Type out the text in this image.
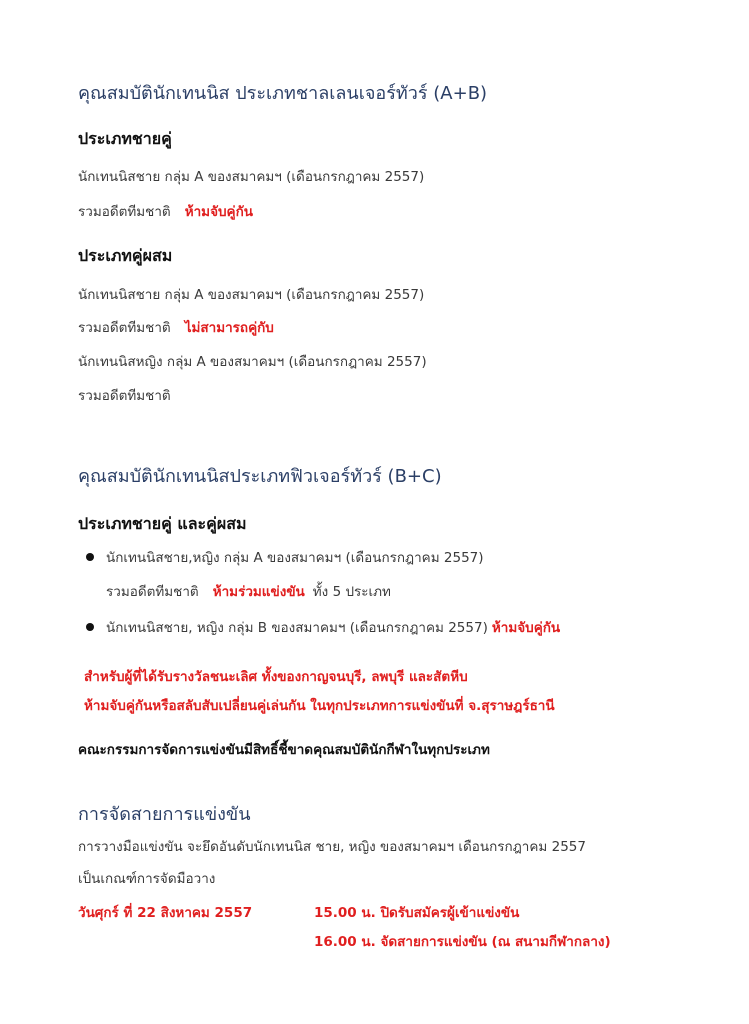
คุณสมบัตินักเทนนิส ประเภทชาลเลนเจอร์ทัวร์ (A+B)
ประเภทชายคู่
นักเทนนิสชาย กลุ่ม A ของสมาคมฯ (เดือนกรกฎาคม 2557)
รวมอดีตทีมชาติ ห้ามจับคู่กัน
ประเภทคู่ผสม
นักเทนนิสชาย กลุ่ม A ของสมาคมฯ (เดือนกรกฎาคม 2557)
รวมอดีตทีมชาติ ไม่สามารถคู่กับ
นักเทนนิสหญิง กลุ่ม A ของสมาคมฯ (เดือนกรกฎาคม 2557)
รวมอดีตทีมชาติ
คุณสมบัตินักเทนนิสประเภทฟิวเจอร์ทัวร์ (B+C)
ประเภทชายคู่ และคู่ผสม
นักเทนนิสชาย,หญิง กลุ่ม A ของสมาคมฯ (เดือนกรกฎาคม 2557)
รวมอดีตทีมชาติ ห้ามร่วมแข่งขัน ทั้ง 5 ประเภท
นักเทนนิสชาย, หญิง กลุ่ม B ของสมาคมฯ (เดือนกรกฎาคม 2557) ห้ามจับคู่กัน
สำหรับผู้ที่ได้รับรางวัลชนะเลิศ ทั้งของกาญจนบุรี, ลพบุรี และสัตหีบ
ห้ามจับคู่กันหรือสลับสับเปลี่ยนคู่เล่นกัน ในทุกประเภทการแข่งขันที่ จ.สุราษฎร์ธานี
คณะกรรมการจัดการแข่งขันมีสิทธิ์ชี้ขาดคุณสมบัตินักกีฬาในทุกประเภท
การจัดสายการแข่งขัน
การวางมือแข่งขัน จะยึดอันดับนักเทนนิส ชาย, หญิง ของสมาคมฯ เดือนกรกฎาคม 2557
เป็นเกณฑ์การจัดมือวาง
วันศุกร์ ที่ 22 สิงหาคม 2557	15.00 น. ปิดรับสมัครผู้เข้าแข่งขัน
16.00 น. จัดสายการแข่งขัน (ณ สนามกีฬากลาง)
